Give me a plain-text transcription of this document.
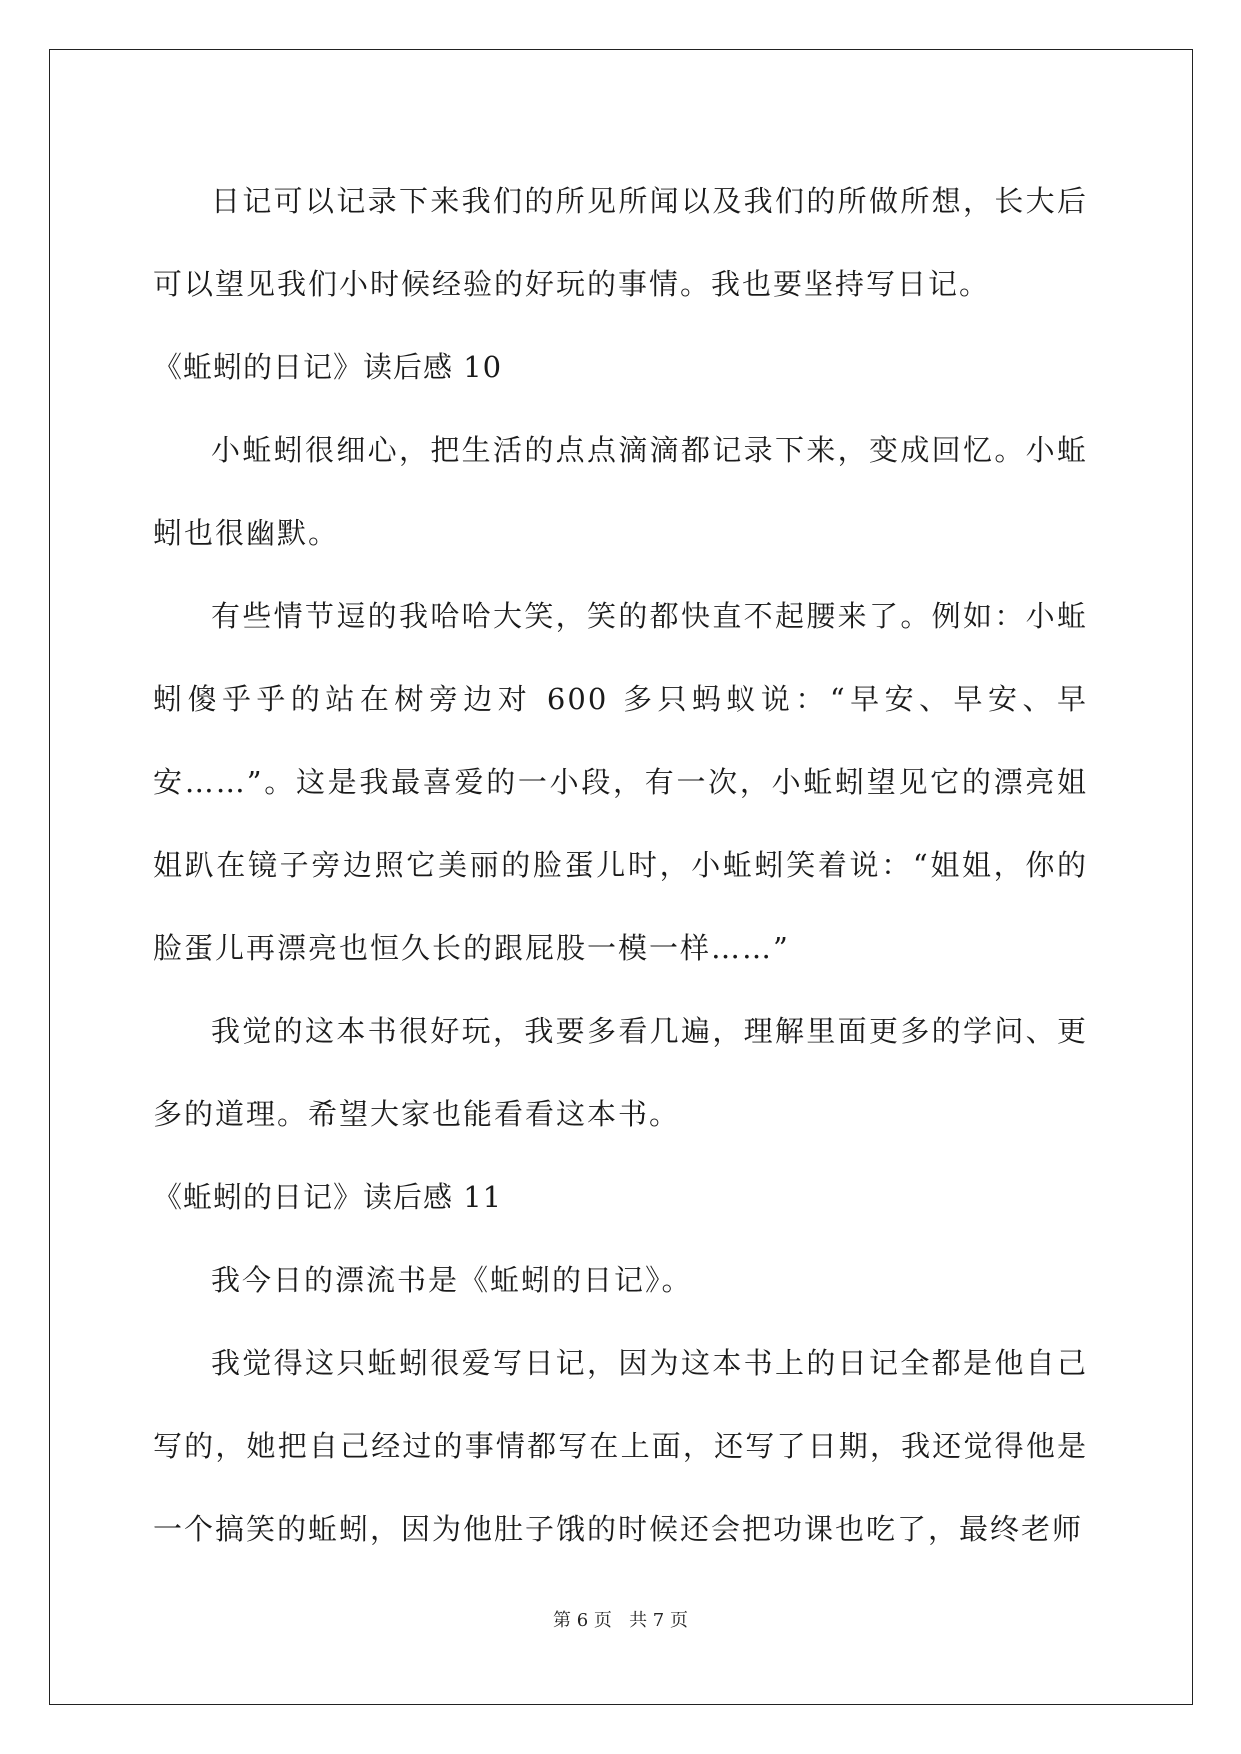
日记可以记录下来我们的所见所闻以及我们的所做所想，长大后可以望见我们小时候经验的好玩的事情。我也要坚持写日记。

《蚯蚓的日记》读后感 10

小蚯蚓很细心，把生活的点点滴滴都记录下来，变成回忆。小蚯蚓也很幽默。

有些情节逗的我哈哈大笑，笑的都快直不起腰来了。例如：小蚯蚓傻乎乎的站在树旁边对 600 多只蚂蚁说：“早安、早安、早安……”。这是我最喜爱的一小段，有一次，小蚯蚓望见它的漂亮姐姐趴在镜子旁边照它美丽的脸蛋儿时，小蚯蚓笑着说：“姐姐，你的脸蛋儿再漂亮也恒久长的跟屁股一模一样……”

我觉的这本书很好玩，我要多看几遍，理解里面更多的学问、更多的道理。希望大家也能看看这本书。

《蚯蚓的日记》读后感 11

我今日的漂流书是《蚯蚓的日记》。

我觉得这只蚯蚓很爱写日记，因为这本书上的日记全都是他自己写的，她把自己经过的事情都写在上面，还写了日期，我还觉得他是一个搞笑的蚯蚓，因为他肚子饿的时候还会把功课也吃了，最终老师

第 6 页 共 7 页
